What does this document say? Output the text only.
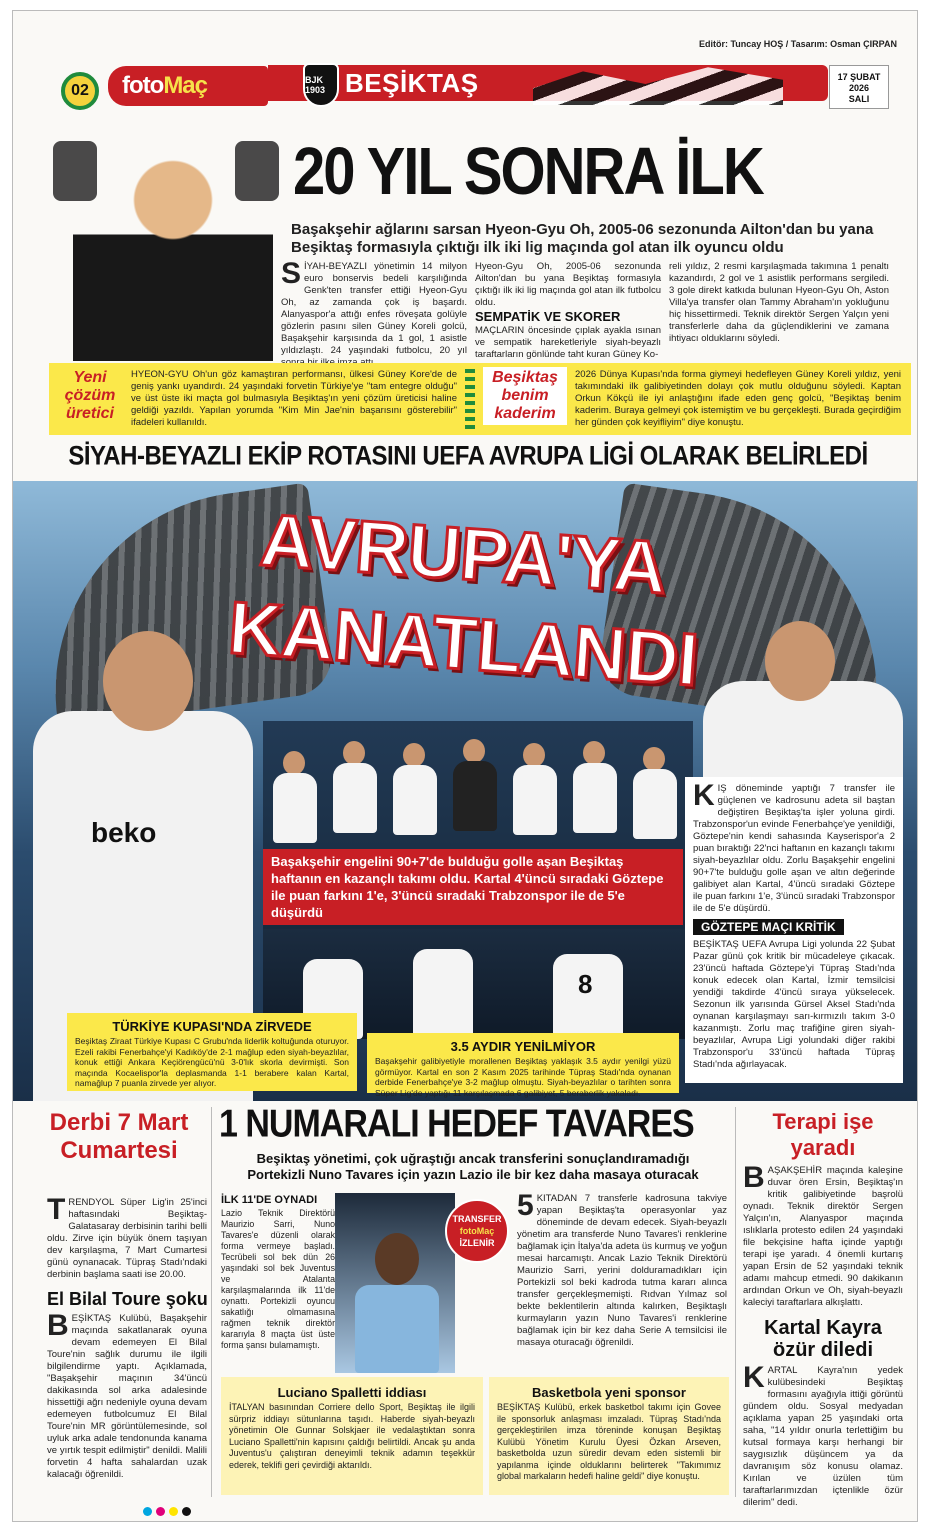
Editör: Tuncay HOŞ / Tasarım: Osman ÇIRPAN
foto Maç
02
BJK 1903 BEŞİKTAŞ	17 ŞUBAT
2026
SALI
20 YIL SONRA İLK
Başakşehir ağlarını sarsan Hyeon-Gyu Oh, 2005-06 sezonunda Ailton'dan bu yana Beşiktaş formasıyla çıktığı ilk iki lig maçında gol atan ilk oyuncu oldu
SİYAH-BEYAZLI yönetimin 14 milyon euro bonservis bedeli karşılığında Genk'ten transfer ettiği Hyeon-Gyu Oh, az zamanda çok iş başardı. Alanyaspor'a attığı enfes röveşata golüyle gözlerin pasını silen Güney Koreli golcü, Başakşehir karşısında da 1 gol, 1 asistle yıldızlaştı. 24 yaşındaki futbolcu, 20 yıl
Hyeon-Gyu Oh, 2005-06 sezonunda Ailton'dan bu yana Beşiktaş formasıyla çıktığı ilk iki lig maçında gol atan ilk futbolcu oldu.
SEMPATİK VE SKORER
MAÇLARIN öncesinde çıplak ayakla ısınan ve sempatik hareketleriyle siyah-beyazlı taraftarların gönlünde taht kuran Güney Ko-
reli yıldız, 2 resmi karşılaşmada takımına 1 penaltı kazandırdı, 2 gol ve 1 asistlik performans sergiledi. 3 gole direkt katkıda bulunan Hyeon-Gyu Oh, Aston Villa'ya transfer olan Tammy Abraham'ın yokluğunu hiç hissettirmedi. Teknik direktör Sergen Yalçın yeni transferlerle daha da güçlendiklerini ve zamana ihtiyacı olduklarını söyledi.
Yeni çözüm üretici
HYEON-GYU Oh'un göz kamaştıran performansı, ülkesi Güney Kore'de de geniş yankı uyandırdı. 24 yaşındaki forvetin Türkiye'ye "tam entegre olduğu" ve üst üste iki maçta gol bulmasıyla Beşiktaş'ın yeni çözüm üreticisi haline geldiği yazıldı. Yapılan yorumda "Kim Min Jae'nin başarısını gösterebilir" ifadeleri kullanıldı.
Beşiktaş benim kaderim
2026 Dünya Kupası'nda forma giymeyi hedefleyen Güney Koreli yıldız, yeni takımındaki ilk galibiyetinden dolayı çok mutlu olduğunu söyledi. Kaptan Orkun Kökçü ile iyi anlaştığını ifade eden genç golcü, "Beşiktaş benim kaderim. Buraya gelmeyi çok istemiştim ve bu gerçekleşti. Burada geçirdiğim her günden çok keyifliyim" diye konuştu.
SİYAH-BEYAZLI EKİP ROTASINI UEFA AVRUPA LİGİ OLARAK BELİRLEDİ
AVRUPA'YA
KANATLANDI
beko
Başakşehir engelini 90+7'de bulduğu golle aşan Beşiktaş haftanın en kazançlı takımı oldu. Kartal 4'üncü sıradaki Göztepe ile puan farkını 1'e, 3'üncü sıradaki Trabzonspor ile de 5'e düşürdü
8
KIŞ döneminde yaptığı 7 transfer ile güçlenen ve kadrosunu adeta sil baştan değiştiren Beşiktaş'ta işler yoluna girdi. Trabzonspor'un evinde Fenerbahçe'ye yenildiği, Göztepe'nin kendi sahasında Kayserispor'a 2 puan bıraktığı 22'nci haftanın en kazançlı takımı siyah-beyazlılar oldu. Zorlu Başakşehir engelini 90+7'te bulduğu golle aşan ve altın değerinde galibiyet alan Kartal, 4'üncü sıradaki Göztepe ile puan farkını 1'e, 3'üncü sıradaki Trabzonspor ile de 5'e düşürdü.
GÖZTEPE MAÇI KRİTİK
BEŞİKTAŞ UEFA Avrupa Ligi yolunda 22 Şubat Pazar günü çok kritik bir mücadeleye çıkacak. 23'üncü haftada Göztepe'yi Tüpraş Stadı'nda konuk edecek olan Kartal, İzmir temsilcisi yendiği takdirde 4'üncü sıraya yükselecek. Sezonun ilk yarısında Gürsel Aksel Stadı'nda oynanan karşılaşmayı sarı-kırmızılı takım 3-0 kazanmıştı. Zorlu maç trafiğine giren siyah-beyazlılar, Avrupa Ligi yolundaki diğer rakibi Trabzonspor'u 33'üncü haftada Tüpraş Stadı'nda ağırlayacak.
TÜRKİYE KUPASI'NDA ZİRVEDE
Beşiktaş Ziraat Türkiye Kupası C Grubu'nda liderlik koltuğunda oturuyor. Ezeli rakibi Fenerbahçe'yi Kadıköy'de 2-1 mağlup eden siyah-beyazlılar, konuk ettiği Ankara Keçiörengücü'nü 3-0'lık skorla devirmişti. Son maçında Kocaelispor'la deplasmanda 1-1 berabere kalan Kartal, namağlup 7 puanla zirvede yer alıyor.
3.5 AYDIR YENİLMİYOR
Başakşehir galibiyetiyle morallenen Beşiktaş yaklaşık 3.5 aydır yenilgi yüzü görmüyor. Kartal en son 2 Kasım 2025 tarihinde Tüpraş Stadı'nda oynanan derbide Fenerbahçe'ye 3-2 mağlup olmuştu. Siyah-beyazlılar o tarihten sonra Süper Lig'de yaptığı 11 karşılaşmada 6 galibiyet, 5 beraberlik yakaladı.
Derbi 7 Mart Cumartesi
TRENDYOL Süper Lig'in 25'inci haftasındaki Beşiktaş-Galatasaray derbisinin tarihi belli oldu. Zirve için büyük önem taşıyan dev karşılaşma, 7 Mart Cumartesi günü oynanacak. Tüpraş Stadı'ndaki derbinin başlama saati ise 20.00.
El Bilal Toure şoku
BEŞİKTAŞ Kulübü, Başakşehir maçında sakatlanarak oyuna devam edemeyen El Bilal Toure'nin sağlık durumu ile ilgili bilgilendirme yaptı. Açıklamada, "Başakşehir maçının 34'üncü dakikasında sol arka adalesinde hissettiği ağrı nedeniyle oyuna devam edemeyen futbolcumuz El Bilal Toure'nin MR görüntülemesinde, sol uyluk arka adale tendonunda kanama ve yırtık tespit edilmiştir" denildi. Malili forvetin 4 hafta sahalardan uzak kalacağı öğrenildi.
1 NUMARALI HEDEF TAVARES
Beşiktaş yönetimi, çok uğraştığı ancak transferini sonuçlandıramadığı Portekizli Nuno Tavares için yazın Lazio ile bir kez daha masaya oturacak
İLK 11'DE OYNADI
Lazio Teknik Direktörü Maurizio Sarri, Nuno Tavares'e düzenli olarak forma vermeye başladı. Tecrübeli sol bek dün 26 yaşındaki sol bek Juventus ve Atalanta karşılaşmalarında ilk 11'de oynattı. Portekizli oyuncu sakatlığı olmamasına rağmen teknik direktör kararıyla 8 maçta üst üste forma şansı bulamamıştı.
TRANSFER
fotoMaç
İZLENİR
5 KITADAN 7 transferle kadrosuna takviye yapan Beşiktaş'ta operasyonlar yaz döneminde de devam edecek. Siyah-beyazlı yönetim ara transferde Nuno Tavares'i renklerine bağlamak için İtalya'da adeta üs kurmuş ve yoğun mesai harcamıştı. Ancak Lazio Teknik Direktörü Maurizio Sarri, yerini dolduramadıkları için Portekizli sol beki kadroda tutma kararı alınca transfer gerçekleşmemişti. Rıdvan Yılmaz sol bekte beklentilerin altında kalırken, Beşiktaşlı kurmayların yazın Nuno Tavares'i renklerine bağlamak için bir kez daha Serie A temsilcisi ile masaya oturacağı öğrenildi.
Luciano Spalletti iddiası
İTALYAN basınından Corriere dello Sport, Beşiktaş ile ilgili sürpriz iddiayı sütunlarına taşıdı. Haberde siyah-beyazlı yönetimin Ole Gunnar Solskjaer ile vedalaştıktan sonra Luciano Spalletti'nin kapısını çaldığı belirtildi. Ancak şu anda Juventus'u çalıştıran deneyimli teknik adamın teşekkür ederek, teklifi geri çevirdiği aktarıldı.
Basketbola yeni sponsor
BEŞİKTAŞ Kulübü, erkek basketbol takımı için Govee ile sponsorluk anlaşması imzaladı. Tüpraş Stadı'nda gerçekleştirilen imza töreninde konuşan Beşiktaş Kulübü Yönetim Kurulu Üyesi Özkan Arseven, basketbolda uzun süredir devam eden sistemli bir yapılanma içinde olduklarını belirterek "Takımımız global markaların hedefi haline geldi" diye konuştu.
Terapi işe yaradı
BAŞAKŞEHİR maçında kaleşine duvar ören Ersin, Beşiktaş'ın kritik galibiyetinde başrolü oynadı. Teknik direktör Sergen Yalçın'ın, Alanyaspor maçında ıslıklarla protesto edilen 24 yaşındaki file bekçisine hafta içinde yaptığı terapi işe yaradı. 4 önemli kurtarış yapan Ersin de 52 yaşındaki teknik adamı mahcup etmedi. 90 dakikanın ardından Orkun ve Oh, siyah-beyazlı kaleciyi taraftarlara alkışlattı.
Kartal Kayra özür diledi
KARTAL Kayra'nın yedek kulübesindeki Beşiktaş formasını ayağıyla ittiği görüntü gündem oldu. Sosyal medyadan açıklama yapan 25 yaşındaki orta saha, "14 yıldır onurla terlettiğim bu kutsal formaya karşı herhangi bir saygısızlık düşüncem ya da davranışım söz konusu olamaz. Kırılan ve üzülen tüm taraftarlarımızdan içtenlikle özür dilerim" dedi.
